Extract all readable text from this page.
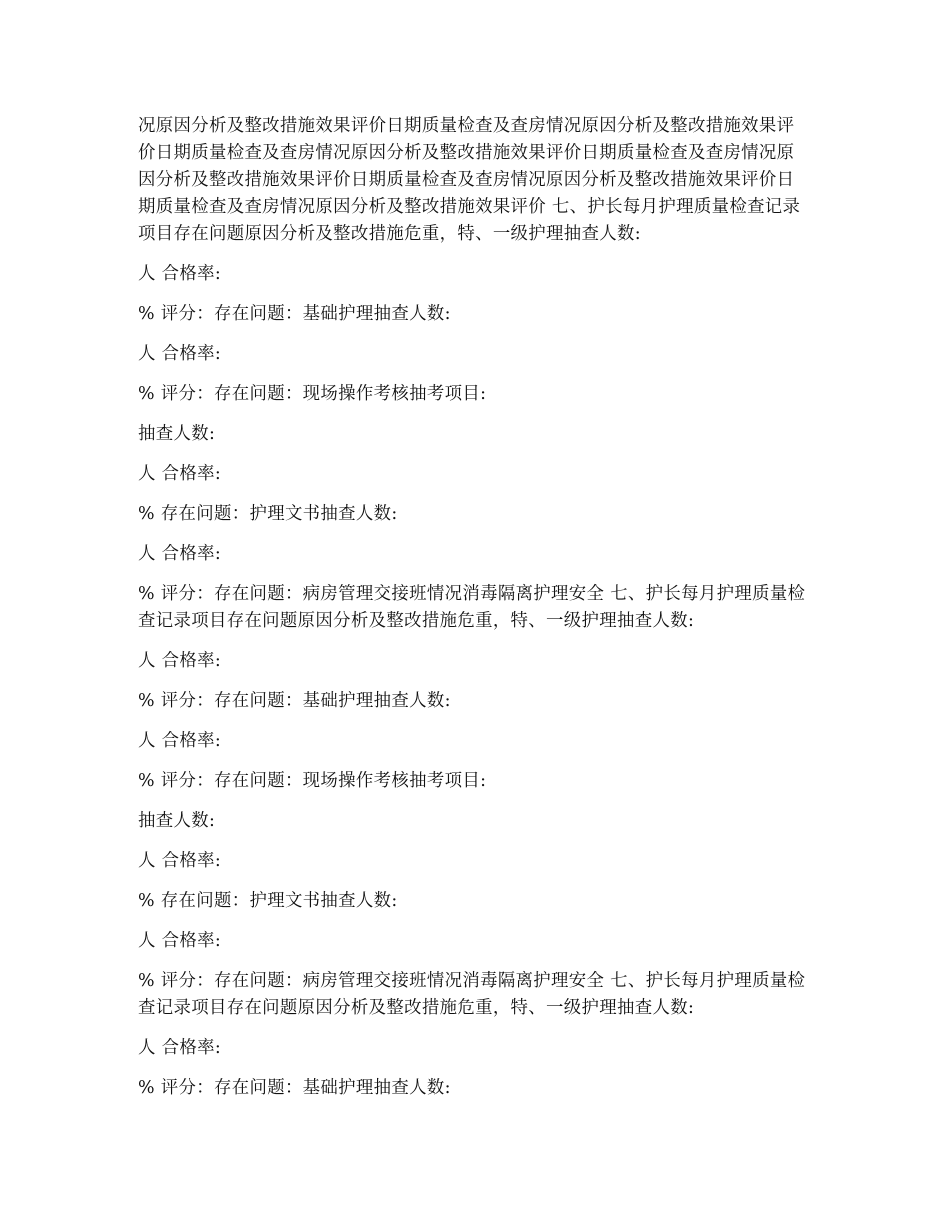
况原因分析及整改措施效果评价日期质量检查及查房情况原因分析及整改措施效果评价日期质量检查及查房情况原因分析及整改措施效果评价日期质量检查及查房情况原因分析及整改措施效果评价日期质量检查及查房情况原因分析及整改措施效果评价日期质量检查及查房情况原因分析及整改措施效果评价 七、护长每月护理质量检查记录项目存在问题原因分析及整改措施危重，特、一级护理抽查人数:

人 合格率:

% 评分：存在问题：基础护理抽查人数:

人 合格率:

% 评分：存在问题：现场操作考核抽考项目:

抽查人数:

人 合格率:

% 存在问题：护理文书抽查人数:

人 合格率:

% 评分：存在问题：病房管理交接班情况消毒隔离护理安全 七、护长每月护理质量检查记录项目存在问题原因分析及整改措施危重，特、一级护理抽查人数:

人 合格率:

% 评分：存在问题：基础护理抽查人数:

人 合格率:

% 评分：存在问题：现场操作考核抽考项目:

抽查人数:

人 合格率:

% 存在问题：护理文书抽查人数:

人 合格率:

% 评分：存在问题：病房管理交接班情况消毒隔离护理安全 七、护长每月护理质量检查记录项目存在问题原因分析及整改措施危重，特、一级护理抽查人数:

人 合格率:

% 评分：存在问题：基础护理抽查人数:
